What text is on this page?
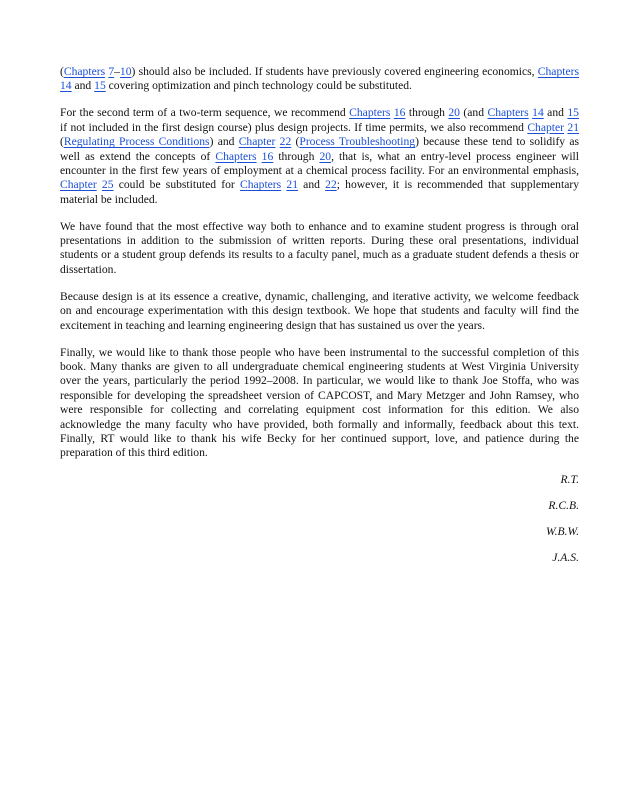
(Chapters 7–10) should also be included. If students have previously covered engineering economics, Chapters 14 and 15 covering optimization and pinch technology could be substituted.

For the second term of a two-term sequence, we recommend Chapters 16 through 20 (and Chapters 14 and 15 if not included in the first design course) plus design projects. If time permits, we also recommend Chapter 21 (Regulating Process Conditions) and Chapter 22 (Process Troubleshooting) because these tend to solidify as well as extend the concepts of Chapters 16 through 20, that is, what an entry-level process engineer will encounter in the first few years of employment at a chemical process facility. For an environmental emphasis, Chapter 25 could be substituted for Chapters 21 and 22; however, it is recommended that supplementary material be included.

We have found that the most effective way both to enhance and to examine student progress is through oral presentations in addition to the submission of written reports. During these oral presentations, individual students or a student group defends its results to a faculty panel, much as a graduate student defends a thesis or dissertation.

Because design is at its essence a creative, dynamic, challenging, and iterative activity, we welcome feedback on and encourage experimentation with this design textbook. We hope that students and faculty will find the excitement in teaching and learning engineering design that has sustained us over the years.

Finally, we would like to thank those people who have been instrumental to the successful completion of this book. Many thanks are given to all undergraduate chemical engineering students at West Virginia University over the years, particularly the period 1992–2008. In particular, we would like to thank Joe Stoffa, who was responsible for developing the spreadsheet version of CAPCOST, and Mary Metzger and John Ramsey, who were responsible for collecting and correlating equipment cost information for this edition. We also acknowledge the many faculty who have provided, both formally and informally, feedback about this text. Finally, RT would like to thank his wife Becky for her continued support, love, and patience during the preparation of this third edition.

R.T.

R.C.B.

W.B.W.

J.A.S.
